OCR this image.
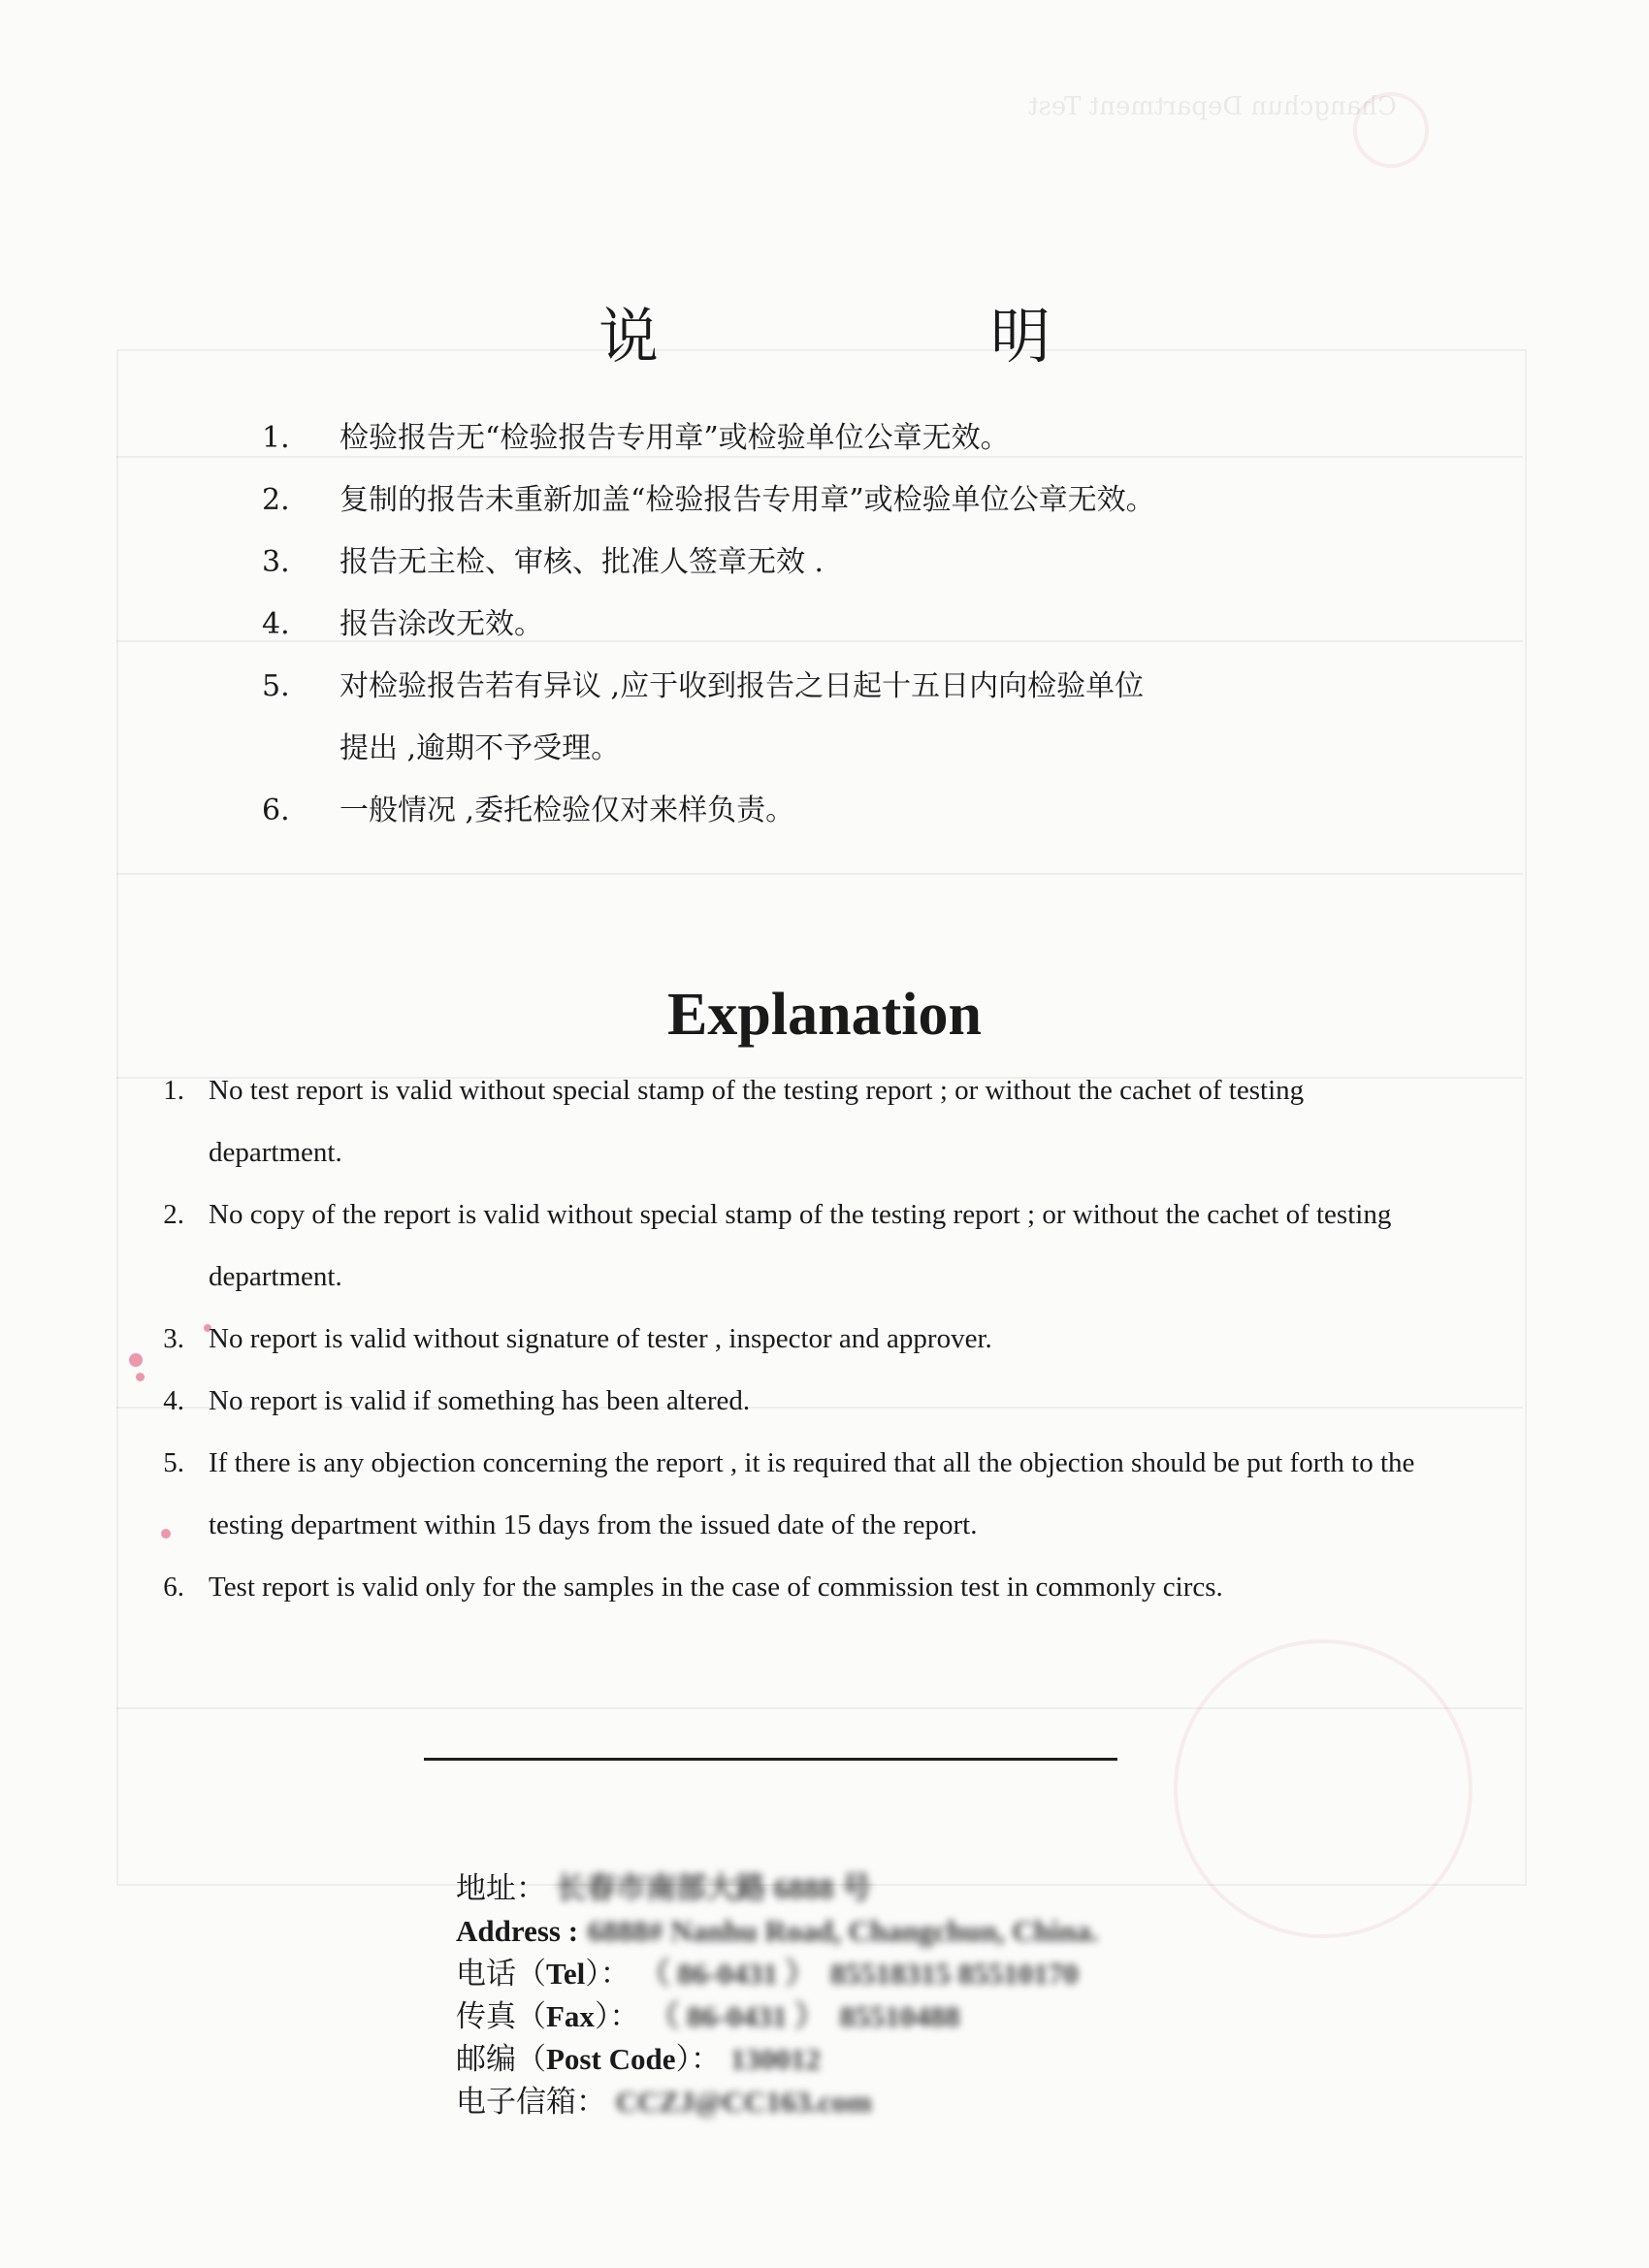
Changchun Department Test
说　明
1. 检验报告无“检验报告专用章”或检验单位公章无效。
2. 复制的报告未重新加盖“检验报告专用章”或检验单位公章无效。
3. 报告无主检、审核、批准人签章无效 .
4. 报告涂改无效。
5. 对检验报告若有异议 ,应于收到报告之日起十五日内向检验单位
提出 ,逾期不予受理。
6. 一般情况 ,委托检验仅对来样负责。
Explanation
1. No test report is valid without special stamp of the testing report ; or without the cachet of testing department.
2. No copy of the report is valid without special stamp of the testing report ; or without the cachet of testing department.
3. No report is valid without signature of tester , inspector and approver.
4. No report is valid if something has been altered.
5. If there is any objection concerning the report , it is required that all the objection should be put forth to the testing department within 15 days from the issued date of the report.
6. Test report is valid only for the samples in the case of commission test in commonly circs.
地址： 长春市南部大路 6888 号
Address : 6888# Nanhu Road, Changchun, China.
电话（Tel）： （ 86-0431 ）　85518315 85510170
传真（Fax）： （ 86-0431 ）　85510488
邮编（Post Code）： 130012
电子信箱： CCZJ@CC163.com
